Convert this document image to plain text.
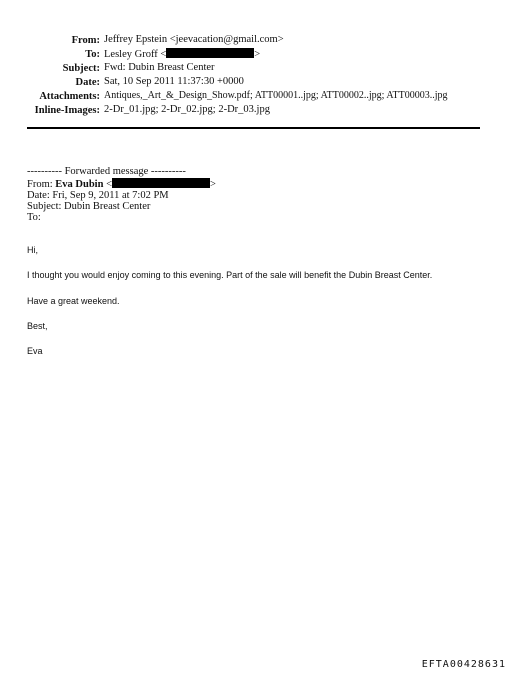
From: Jeffrey Epstein <jeevacation@gmail.com>
To: Lesley Groff <	>
Subject: Fwd: Dubin Breast Center
Date: Sat, 10 Sep 2011 11:37:30 +0000
Attachments: Antiques,_Art_&_Design_Show.pdf; ATT00001..jpg; ATT00002..jpg; ATT00003..jpg
Inline-Images: 2-Dr_01.jpg; 2-Dr_02.jpg; 2-Dr_03.jpg
---------- Forwarded message ----------
From: Eva Dubin <	>
Date: Fri, Sep 9, 2011 at 7:02 PM
Subject: Dubin Breast Center
To:
Hi,
I thought you would enjoy coming to this evening. Part of the sale will benefit the Dubin Breast Center.
Have a great weekend.
Best,
Eva
EFTA00428631
